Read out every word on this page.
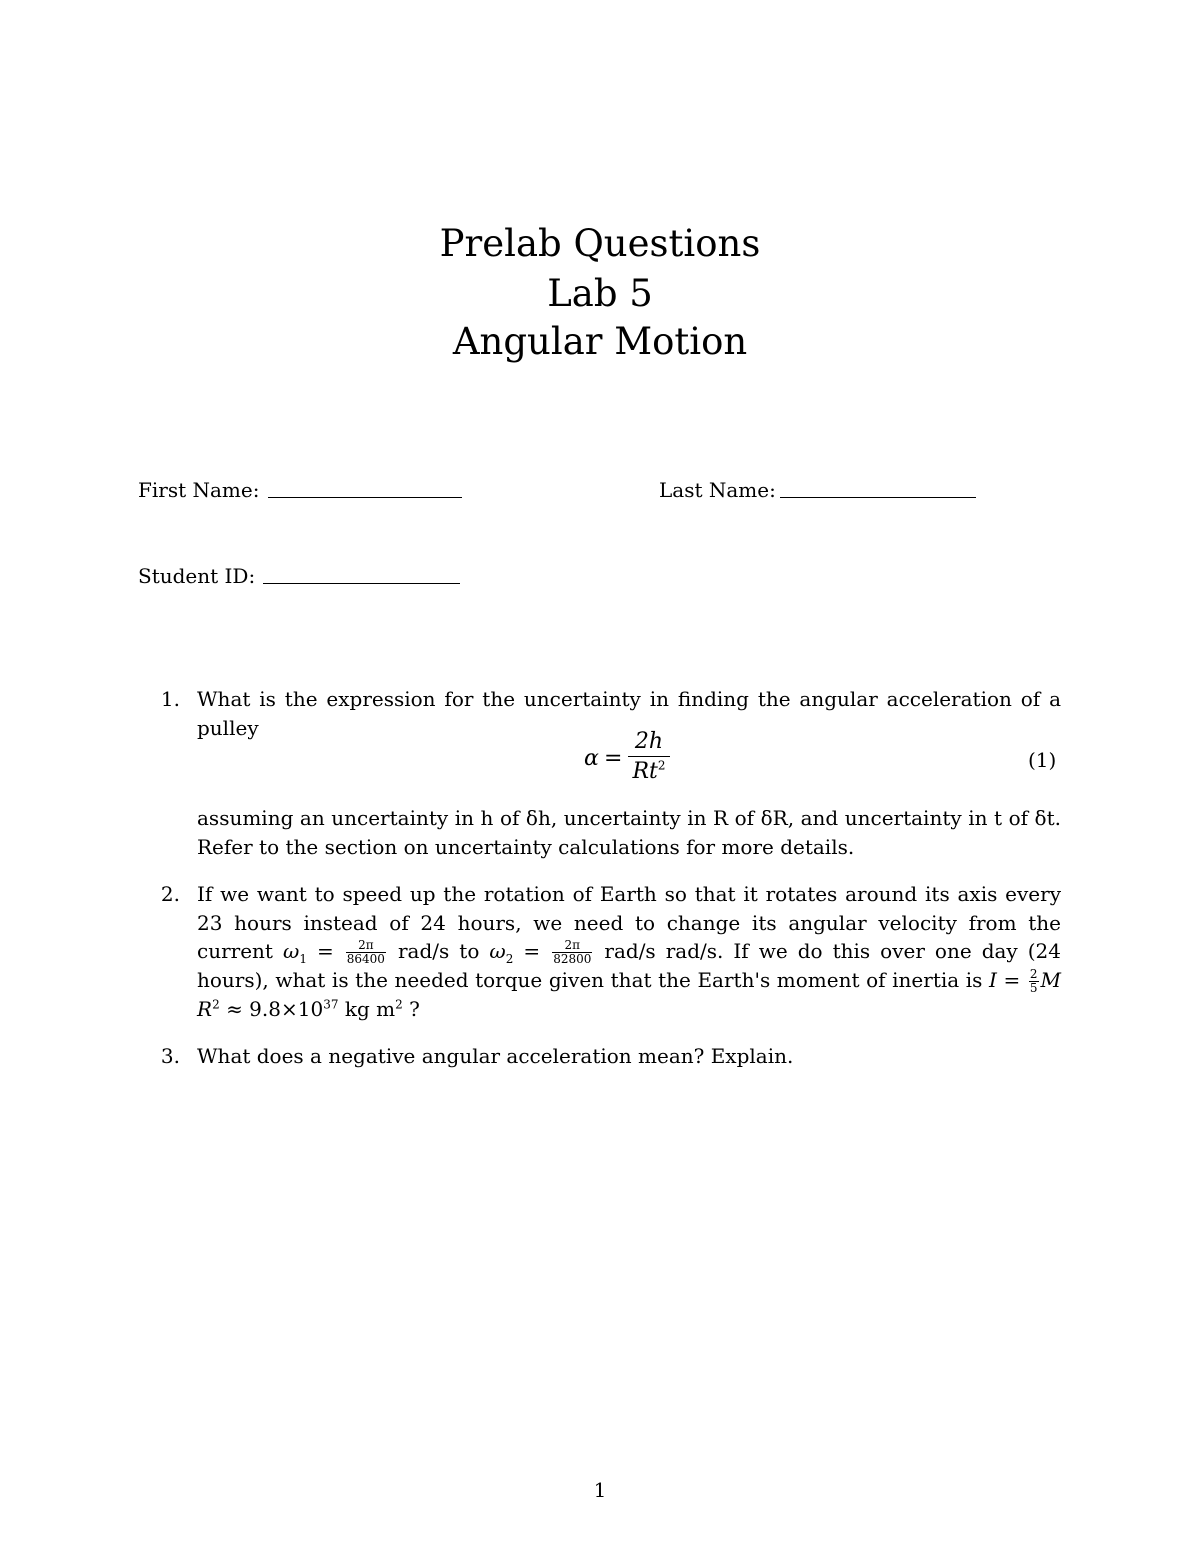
Prelab Questions
Lab 5
Angular Motion
First Name:	Last Name:
Student ID:
1. What is the expression for the uncertainty in finding the angular acceleration of a pulley
α =
2h
Rt$^2$	(1)
assuming an uncertainty in h of δh, uncertainty in R of δR, and uncertainty in t of δt. Refer to the section on uncertainty calculations for more details.
2. If we want to speed up the rotation of Earth so that it rotates around its axis every 23 hours instead of 24 hours, we need to change its angular velocity from the current $\omega_1 = \frac{2\pi}{86400} rad/s$ to $\omega_2 = \frac{2\pi}{82800} rad/s$ rad/s. If we do this over one day (24 hours), what is the needed torque given that the Earth's moment of inertia is $I = \frac{2}{5}$ M $R^2 \approx 9.8\times 10^{37}$ kg $m^2$ ?
3. What does a negative angular acceleration mean? Explain.
1
